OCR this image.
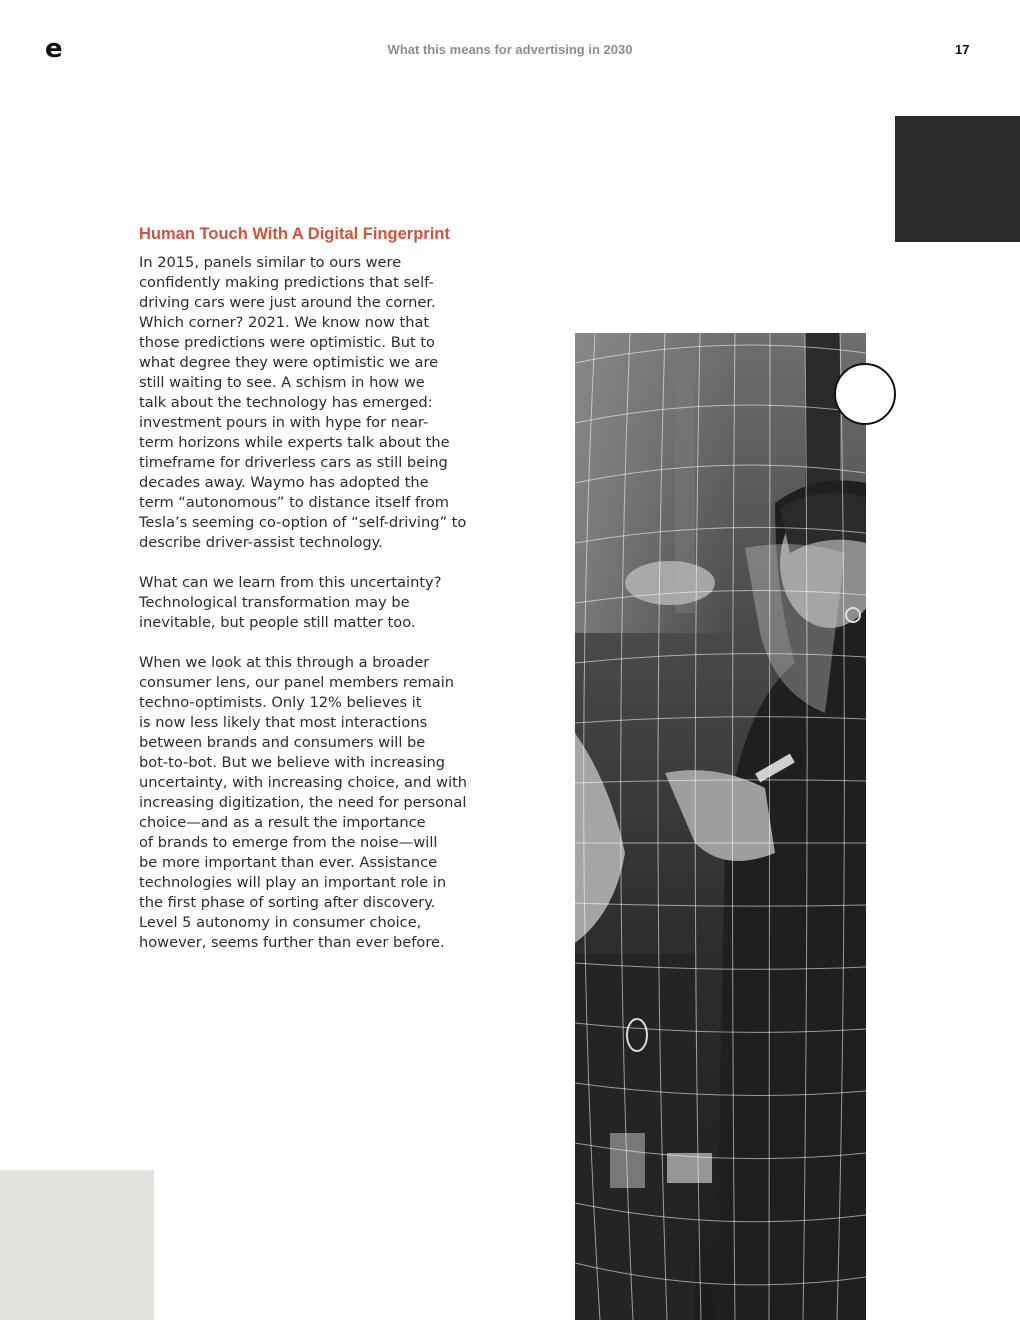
e	What this means for advertising in 2030	17
Human Touch With A Digital Fingerprint

In 2015, panels similar to ours were
confidently making predictions that self-
driving cars were just around the corner.
Which corner? 2021. We know now that
those predictions were optimistic. But to
what degree they were optimistic we are
still waiting to see. A schism in how we
talk about the technology has emerged:
investment pours in with hype for near-
term horizons while experts talk about the
timeframe for driverless cars as still being
decades away. Waymo has adopted the
term “autonomous” to distance itself from
Tesla’s seeming co-option of “self-driving” to
describe driver-assist technology.

What can we learn from this uncertainty?
Technological transformation may be
inevitable, but people still matter too.

When we look at this through a broader
consumer lens, our panel members remain
techno-optimists. Only 12% believes it
is now less likely that most interactions
between brands and consumers will be
bot-to-bot. But we believe with increasing
uncertainty, with increasing choice, and with
increasing digitization, the need for personal
choice—and as a result the importance
of brands to emerge from the noise—will
be more important than ever. Assistance
technologies will play an important role in
the first phase of sorting after discovery.
Level 5 autonomy in consumer choice,
however, seems further than ever before.
